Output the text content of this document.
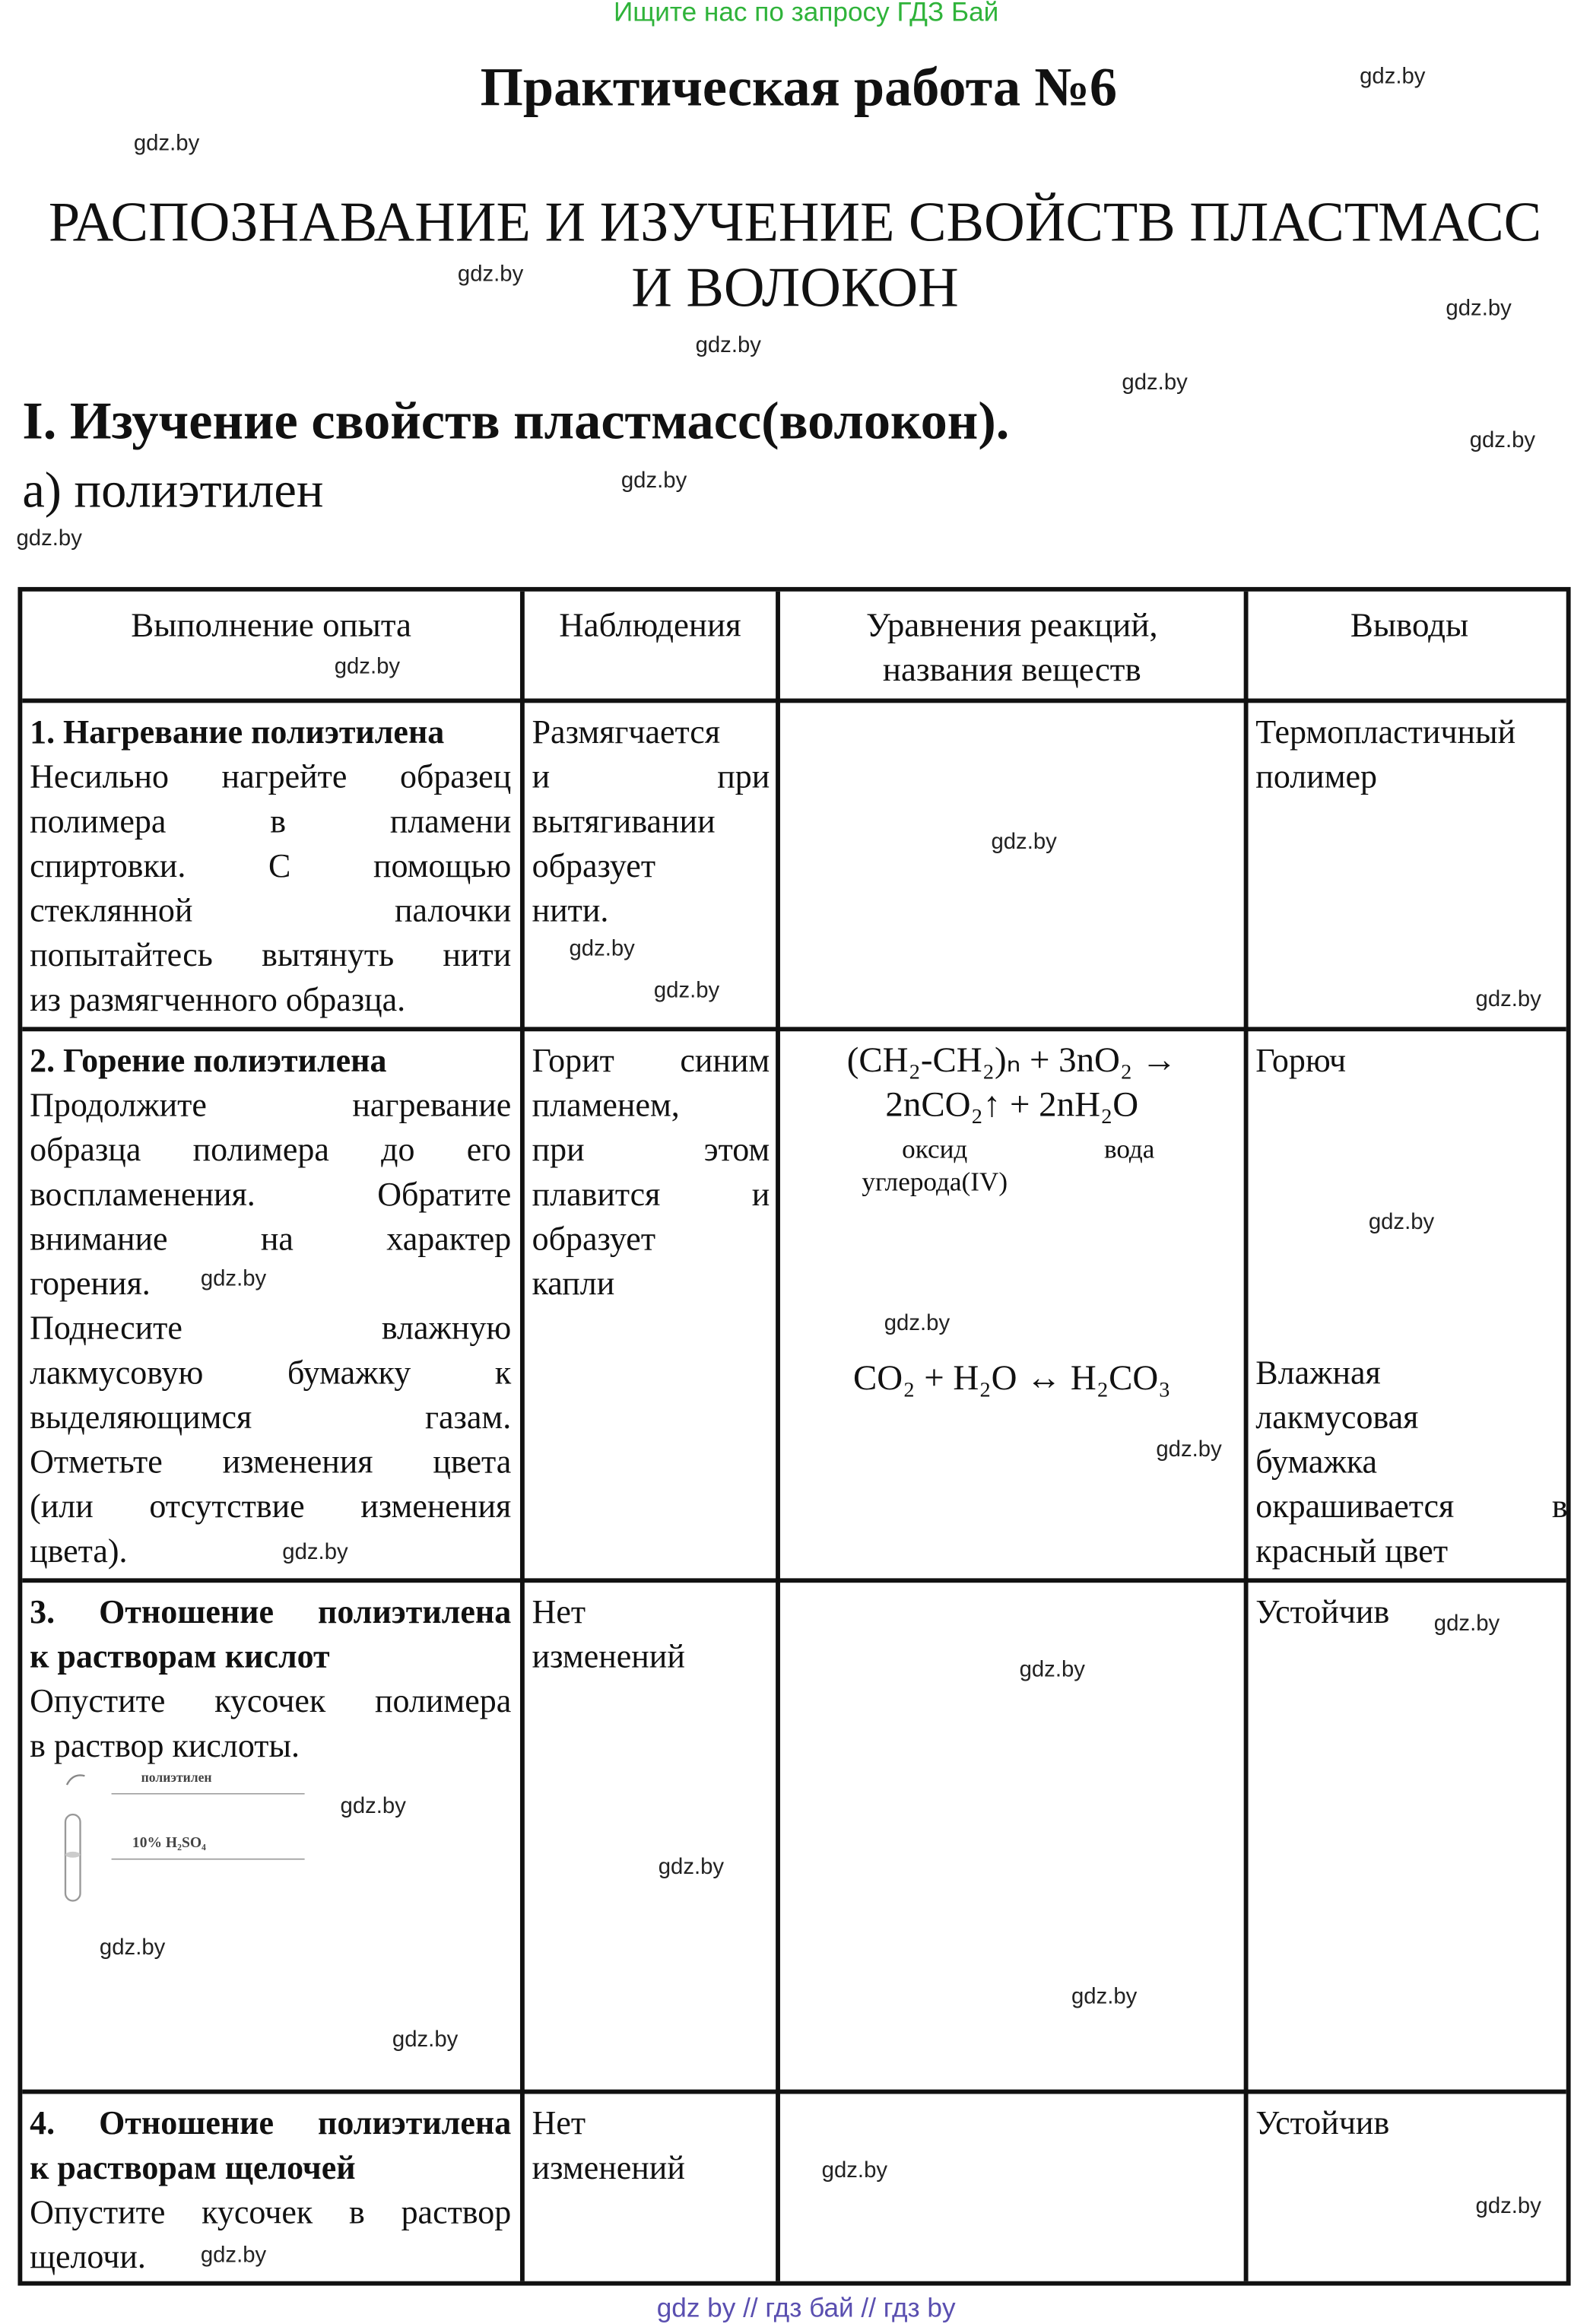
Ищите нас по запросу ГДЗ Бай
Практическая работа №6
РАСПОЗНАВАНИЕ И ИЗУЧЕНИЕ СВОЙСТВ ПЛАСТМАСС
И ВОЛОКОН
I. Изучение свойств пластмасс(волокон).
а) полиэтилен
Выполнение опыта	Наблюдения	Уравнения реакций,
названия веществ
Выводы
1. Нагревание полиэтилена
Несильно нагрейте образец
полимера в пламени
спиртовки. С помощью
стеклянной палочки
попытайтесь вытянуть нити
из размягченного образца.
Размягчается
и при
вытягивании
образует
нити.
Термопластичный
полимер
2. Горение полиэтилена
Продолжите нагревание
образца полимера до его
воспламенения. Обратите
внимание на характер
горения.
Поднесите влажную
лакмусовую бумажку к
выделяющимся газам.
Отметьте изменения цвета
(или отсутствие изменения
цвета).
Горит синим
пламенем,
при этом
плавится и
образует
капли
(CH₂-CH₂)ₙ + 3nO₂ →
2nCO₂↑ + 2nH₂O
оксид
углерода(IV)
вода
CO₂ + H₂O ↔ H₂CO₃
Горюч
Влажная
лакмусовая
бумажка
окрашивается в
красный цвет
3. Отношение полиэтилена
к растворам кислот
Опустите кусочек полимера
в раствор кислоты.
полиэтилен
10% H₂SO₄
Нет
изменений
Устойчив
4. Отношение полиэтилена
к растворам щелочей
Опустите кусочек в раствор
щелочи.
Нет
изменений
Устойчив
gdz.by
gdz.by
gdz.by
gdz.by
gdz.by
gdz.by
gdz.by
gdz.by
gdz.by
gdz.by
gdz.by
gdz.by
gdz.by
gdz.by
gdz.by
gdz.by
gdz.by
gdz.by
gdz.by
gdz.by
gdz.by
gdz.by
gdz.by
gdz.by
gdz.by
gdz.by
gdz.by
gdz.by
gdz.by
gdz by // гдз бай // гдз by
